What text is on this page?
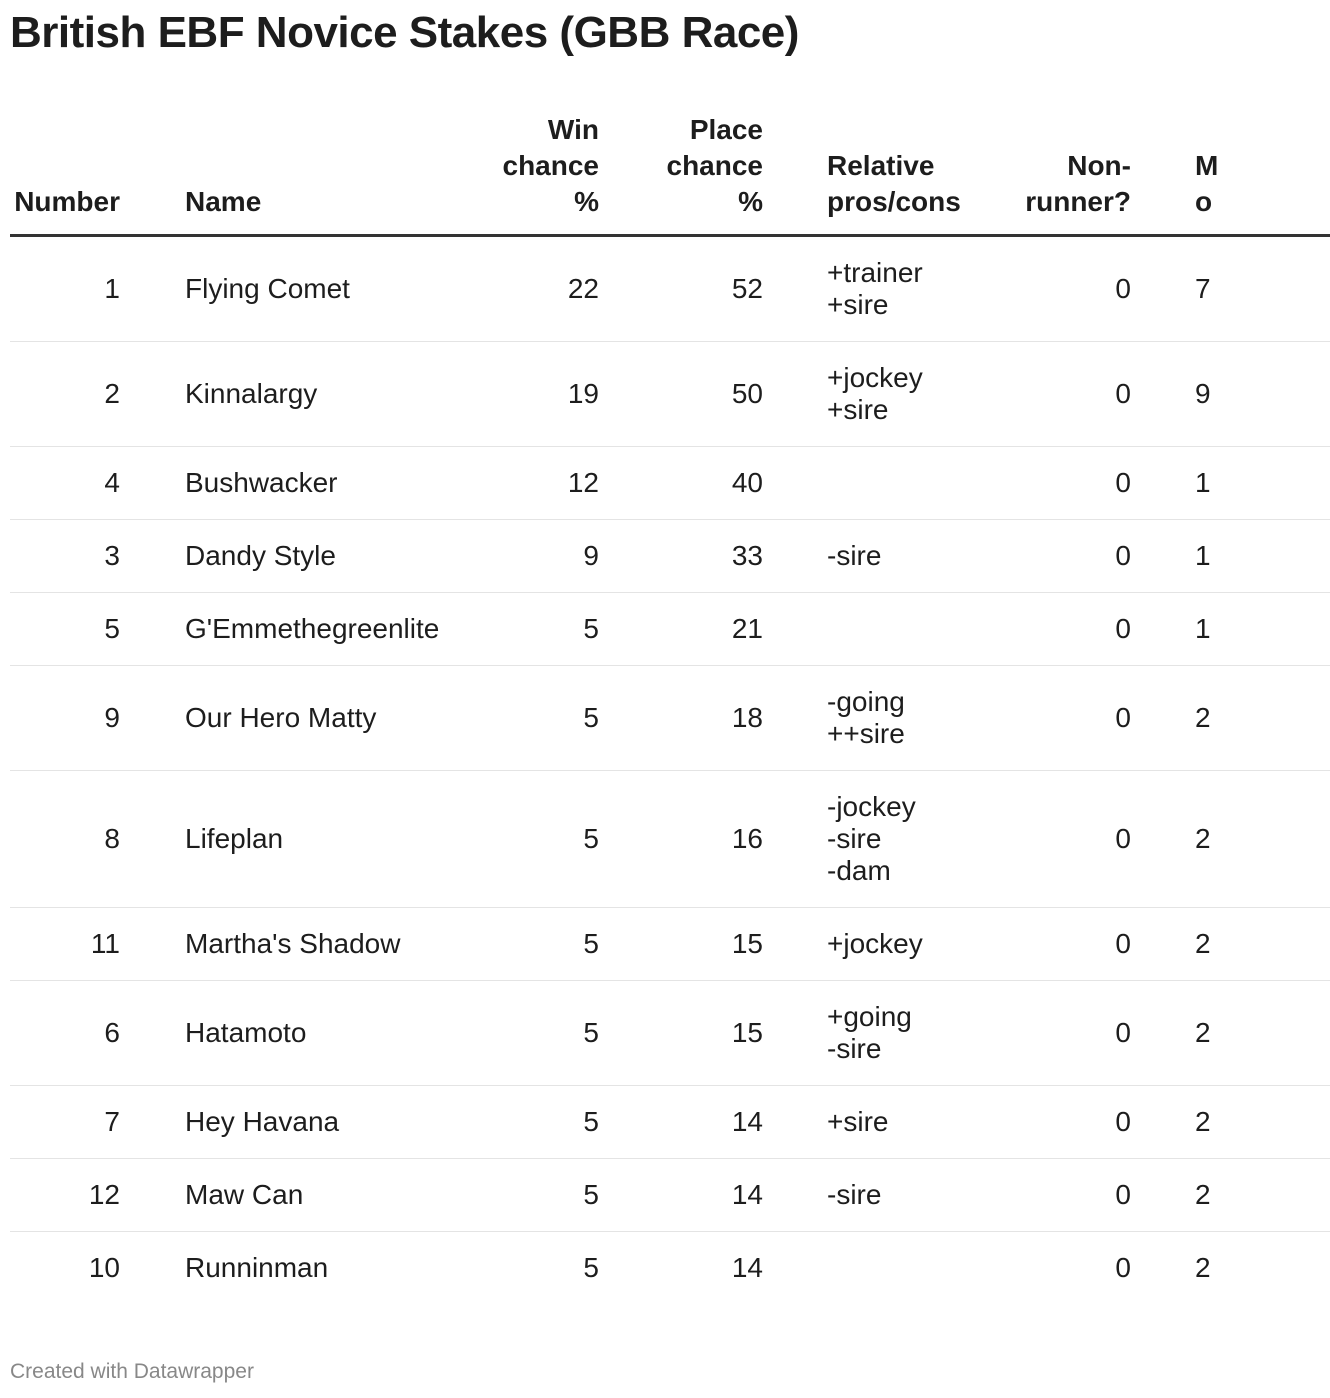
British EBF Novice Stakes (GBB Race)
Number	Name	Win
chance
%	Place
chance
%	Relative
pros/cons	Non-
runner?	M
o

1	Flying Comet	22	52	+trainer
+sire	0	7
2	Kinnalargy	19	50	+jockey
+sire	0	9
4	Bushwacker	12	40		0	1
3	Dandy Style	9	33	-sire	0	1
5	G'Emmethegreenlite	5	21		0	1
9	Our Hero Matty	5	18	-going
++sire	0	2
8	Lifeplan	5	16	-jockey
-sire
-dam	0	2
11	Martha's Shadow	5	15	+jockey	0	2
6	Hatamoto	5	15	+going
-sire	0	2
7	Hey Havana	5	14	+sire	0	2
12	Maw Can	5	14	-sire	0	2
10	Runninman	5	14		0	2
Created with Datawrapper
